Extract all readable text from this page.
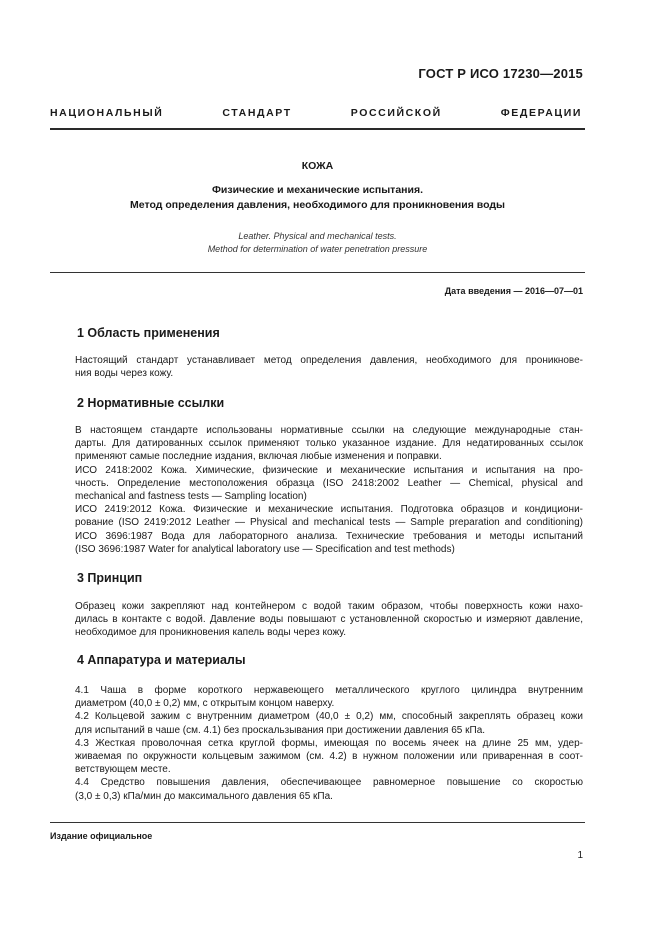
ГОСТ Р ИСО 17230—2015
НАЦИОНАЛЬНЫЙ СТАНДАРТ РОССИЙСКОЙ ФЕДЕРАЦИИ
КОЖА
Физические и механические испытания.
Метод определения давления, необходимого для проникновения воды
Leather. Physical and mechanical tests.
Method for determination of water penetration pressure
Дата введения — 2016—07—01
1 Область применения
Настоящий стандарт устанавливает метод определения давления, необходимого для проникнове-
ния воды через кожу.
2 Нормативные ссылки
В настоящем стандарте использованы нормативные ссылки на следующие международные стан-
дарты. Для датированных ссылок применяют только указанное издание. Для недатированных ссылок
применяют самые последние издания, включая любые изменения и поправки.
ИСО 2418:2002 Кожа. Химические, физические и механические испытания и испытания на про-
чность. Определение местоположения образца (ISO 2418:2002 Leather — Chemical, physical and
mechanical and fastness tests — Sampling location)
ИСО 2419:2012 Кожа. Физические и механические испытания. Подготовка образцов и кондициони-
рование (ISO 2419:2012 Leather — Physical and mechanical tests — Sample preparation and conditioning)
ИСО 3696:1987 Вода для лабораторного анализа. Технические требования и методы испытаний
(ISO 3696:1987 Water for analytical laboratory use — Specification and test methods)
3 Принцип
Образец кожи закрепляют над контейнером с водой таким образом, чтобы поверхность кожи нахо-
дилась в контакте с водой. Давление воды повышают с установленной скоростью и измеряют давление,
необходимое для проникновения капель воды через кожу.
4 Аппаратура и материалы
4.1 Чаша в форме короткого нержавеющего металлического круглого цилиндра внутренним
диаметром (40,0 ± 0,2) мм, с открытым концом наверху.
4.2 Кольцевой зажим с внутренним диаметром (40,0 ± 0,2) мм, способный закреплять образец кожи
для испытаний в чаше (см. 4.1) без проскальзывания при достижении давления 65 кПа.
4.3 Жесткая проволочная сетка круглой формы, имеющая по восемь ячеек на длине 25 мм, удер-
живаемая по окружности кольцевым зажимом (см. 4.2) в нужном положении или приваренная в соот-
ветствующем месте.
4.4 Средство повышения давления, обеспечивающее равномерное повышение со скоростью
(3,0 ± 0,3) кПа/мин до максимального давления 65 кПа.
Издание официальное
1
